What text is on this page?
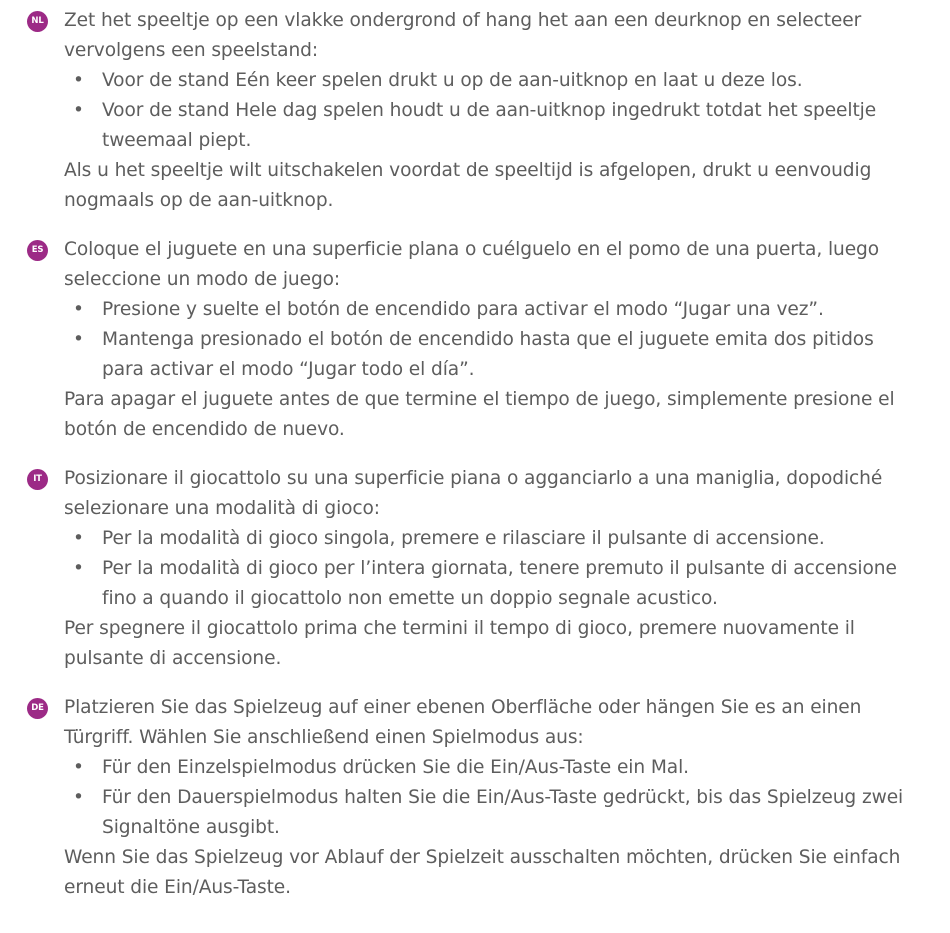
NL Zet het speeltje op een vlakke ondergrond of hang het aan een deurknop en selecteer vervolgens een speelstand:

• Voor de stand Eén keer spelen drukt u op de aan-uitknop en laat u deze los.
• Voor de stand Hele dag spelen houdt u de aan-uitknop ingedrukt totdat het speeltje tweemaal piept.

Als u het speeltje wilt uitschakelen voordat de speeltijd is afgelopen, drukt u eenvoudig nogmaals op de aan-uitknop.

ES Coloque el juguete en una superficie plana o cuélguelo en el pomo de una puerta, luego seleccione un modo de juego:

• Presione y suelte el botón de encendido para activar el modo “Jugar una vez”.
• Mantenga presionado el botón de encendido hasta que el juguete emita dos pitidos para activar el modo “Jugar todo el día”.

Para apagar el juguete antes de que termine el tiempo de juego, simplemente presione el botón de encendido de nuevo.

IT	Posizionare il giocattolo su una superficie piana o agganciarlo a una maniglia, dopodiché selezionare una modalità di gioco:

• Per la modalità di gioco singola, premere e rilasciare il pulsante di accensione.
• Per la modalità di gioco per l’intera giornata, tenere premuto il pulsante di accensione fino a quando il giocattolo non emette un doppio segnale acustico.

Per spegnere il giocattolo prima che termini il tempo di gioco, premere nuovamente il pulsante di accensione.

DE Platzieren Sie das Spielzeug auf einer ebenen Oberfläche oder hängen Sie es an einen Türgriff. Wählen Sie anschließend einen Spielmodus aus:

• Für den Einzelspielmodus drücken Sie die Ein/Aus-Taste ein Mal.
• Für den Dauerspielmodus halten Sie die Ein/Aus-Taste gedrückt, bis das Spielzeug zwei Signaltöne ausgibt.

Wenn Sie das Spielzeug vor Ablauf der Spielzeit ausschalten möchten, drücken Sie einfach erneut die Ein/Aus-Taste.
